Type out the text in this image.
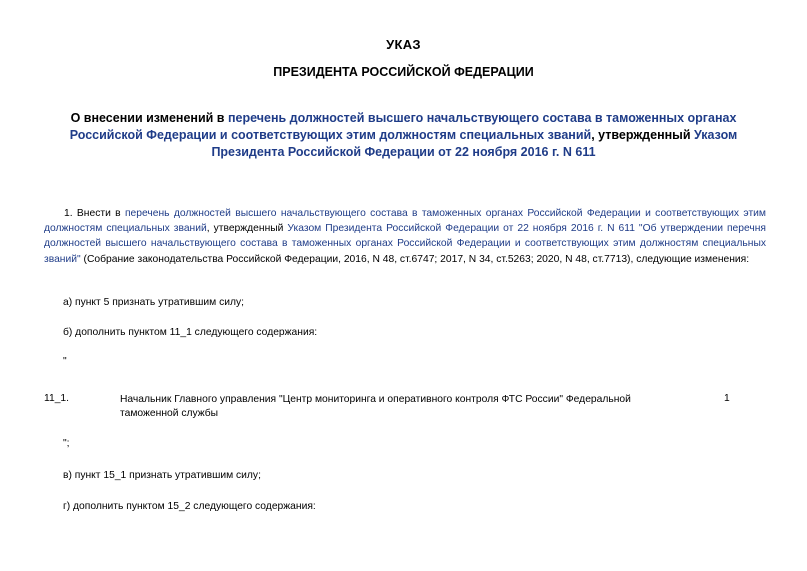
УКАЗ
ПРЕЗИДЕНТА РОССИЙСКОЙ ФЕДЕРАЦИИ
О внесении изменений в перечень должностей высшего начальствующего состава в таможенных органах Российской Федерации и соответствующих этим должностям специальных званий, утвержденный Указом Президента Российской Федерации от 22 ноября 2016 г. N 611
1. Внести в перечень должностей высшего начальствующего состава в таможенных органах Российской Федерации и соответствующих этим должностям специальных званий, утвержденный Указом Президента Российской Федерации от 22 ноября 2016 г. N 611 "Об утверждении перечня должностей высшего начальствующего состава в таможенных органах Российской Федерации и соответствующих этим должностям специальных званий" (Собрание законодательства Российской Федерации, 2016, N 48, ст.6747; 2017, N 34, ст.5263; 2020, N 48, ст.7713), следующие изменения:
а) пункт 5 признать утратившим силу;
б) дополнить пунктом 11_1 следующего содержания:
"
11_1.	Начальник Главного управления "Центр мониторинга и оперативного контроля ФТС России" Федеральной таможенной службы
1
";
в) пункт 15_1 признать утратившим силу;
г) дополнить пунктом 15_2 следующего содержания:
